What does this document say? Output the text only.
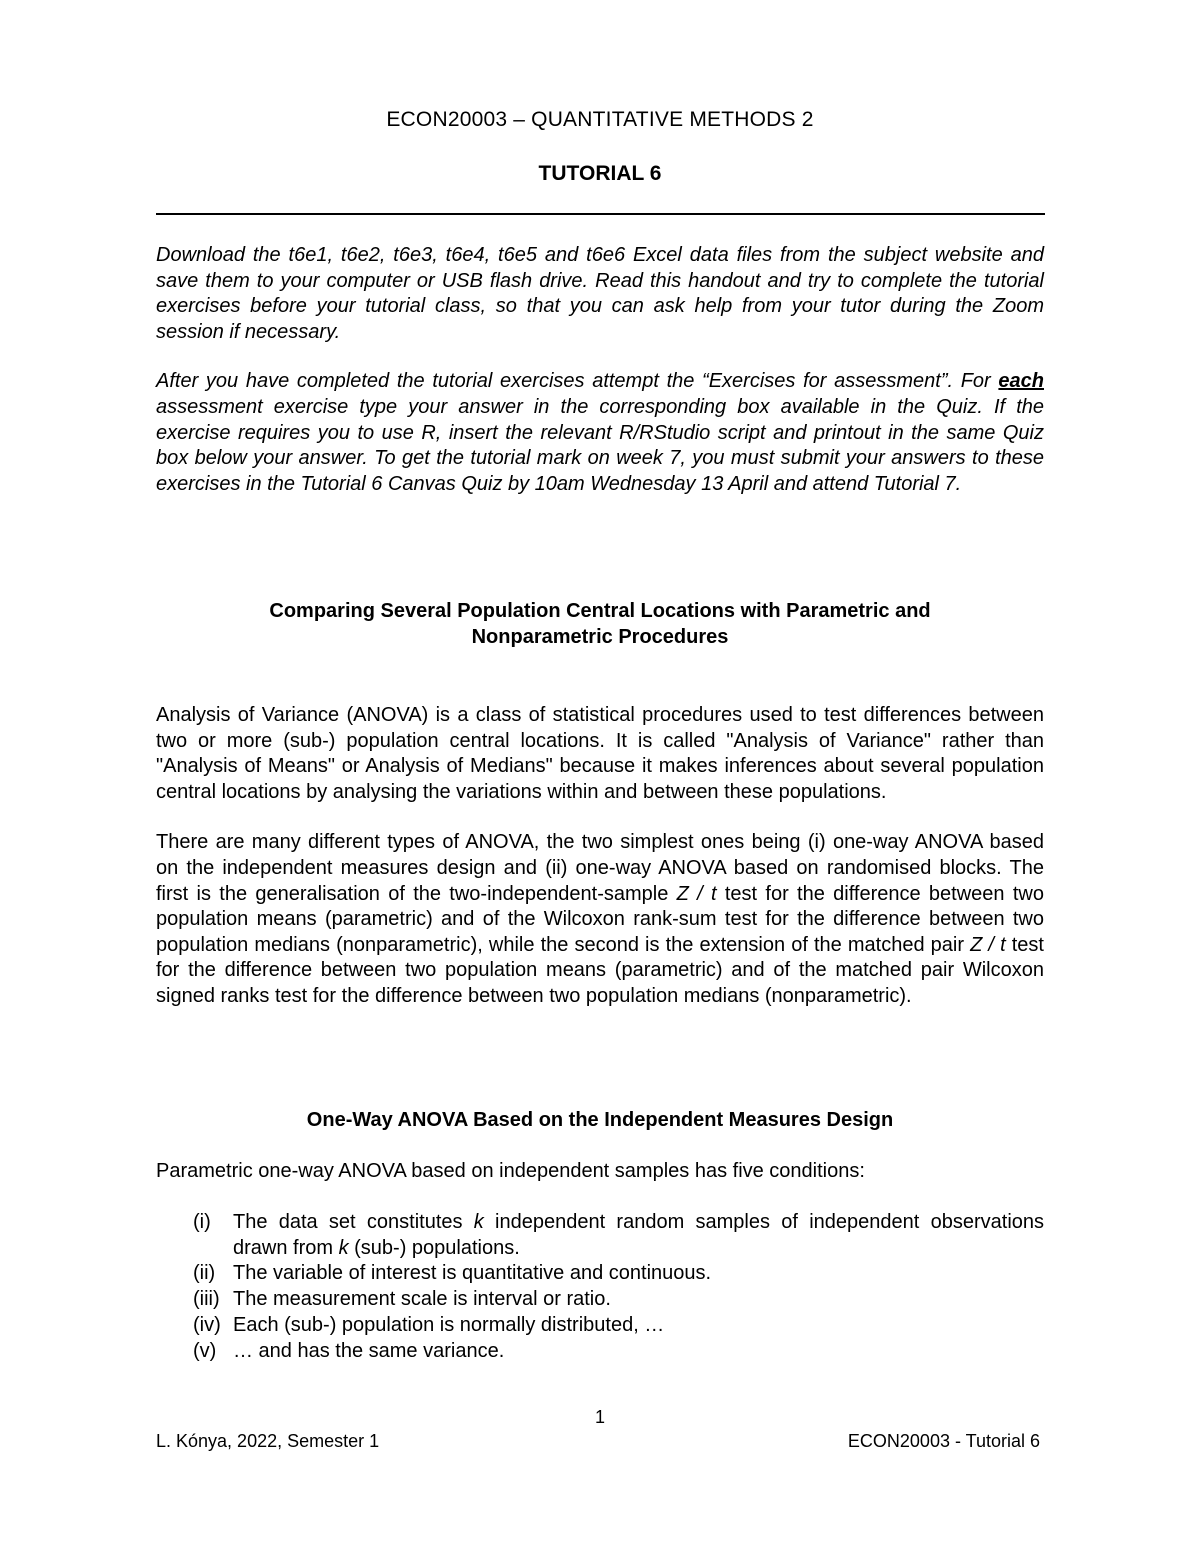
ECON20003 – QUANTITATIVE METHODS 2
TUTORIAL 6

Download the t6e1, t6e2, t6e3, t6e4, t6e5 and t6e6 Excel data files from the subject website and save them to your computer or USB flash drive. Read this handout and try to complete the tutorial exercises before your tutorial class, so that you can ask help from your tutor during the Zoom session if necessary.

After you have completed the tutorial exercises attempt the “Exercises for assessment”. For each assessment exercise type your answer in the corresponding box available in the Quiz. If the exercise requires you to use R, insert the relevant R/RStudio script and printout in the same Quiz box below your answer. To get the tutorial mark on week 7, you must submit your answers to these exercises in the Tutorial 6 Canvas Quiz by 10am Wednesday 13 April and attend Tutorial 7.

Comparing Several Population Central Locations with Parametric and
Nonparametric Procedures

Analysis of Variance (ANOVA) is a class of statistical procedures used to test differences between two or more (sub-) population central locations. It is called "Analysis of Variance" rather than "Analysis of Means" or Analysis of Medians" because it makes inferences about several population central locations by analysing the variations within and between these populations.

There are many different types of ANOVA, the two simplest ones being (i) one-way ANOVA based on the independent measures design and (ii) one-way ANOVA based on randomised blocks. The first is the generalisation of the two-independent-sample Z / t test for the difference between two population means (parametric) and of the Wilcoxon rank-sum test for the difference between two population medians (nonparametric), while the second is the extension of the matched pair Z / t test for the difference between two population means (parametric) and of the matched pair Wilcoxon signed ranks test for the difference between two population medians (nonparametric).

One-Way ANOVA Based on the Independent Measures Design
Parametric one-way ANOVA based on independent samples has five conditions:
(i)	The data set constitutes k independent random samples of independent observations drawn from k (sub-) populations.
(ii) The variable of interest is quantitative and continuous.
(iii) The measurement scale is interval or ratio.
(iv) Each (sub-) population is normally distributed, …
(v) … and has the same variance.
1
L. Kónya, 2022, Semester 1	ECON20003 - Tutorial 6
